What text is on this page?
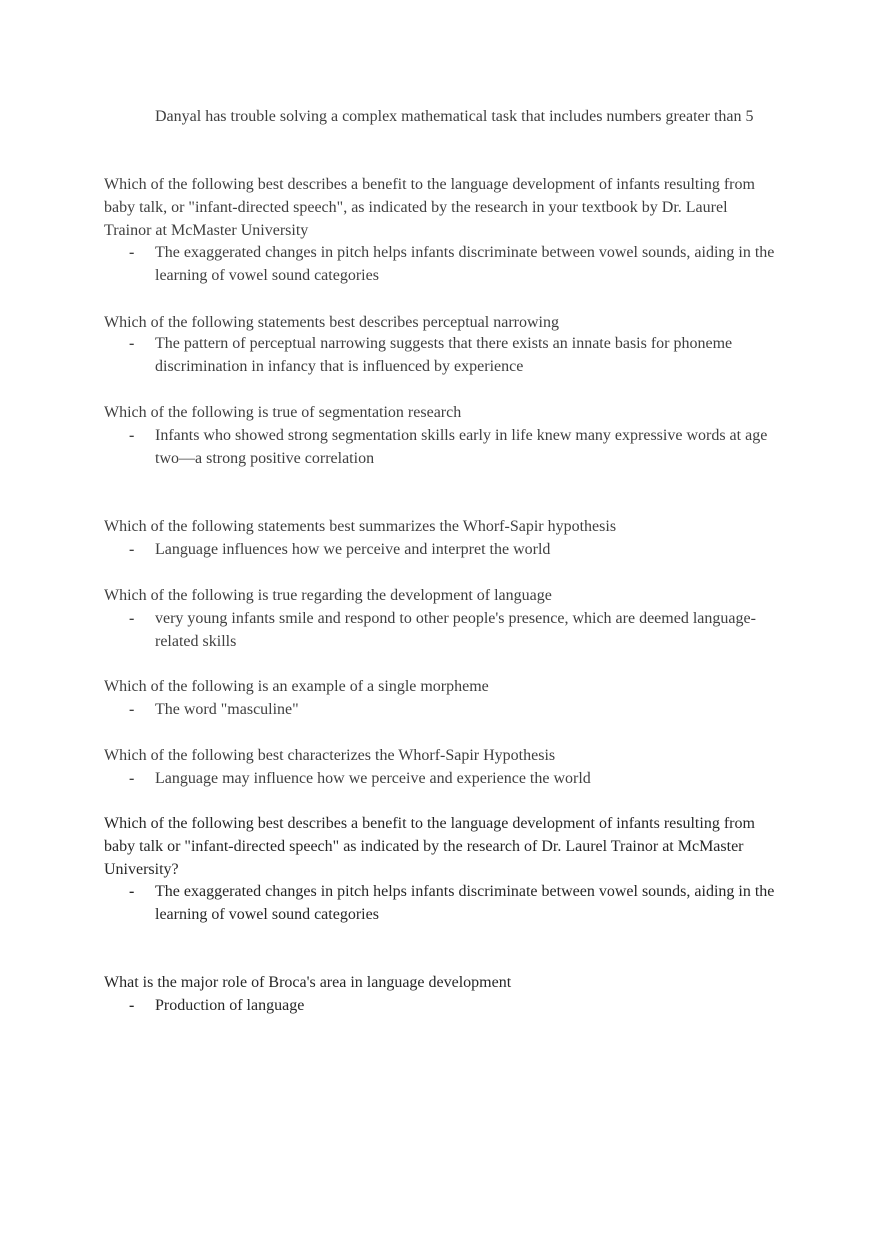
Danyal has trouble solving a complex mathematical task that includes numbers greater than 5
Which of the following best describes a benefit to the language development of infants resulting from baby talk, or "infant-directed speech", as indicated by the research in your textbook by Dr. Laurel Trainor at McMaster University
- The exaggerated changes in pitch helps infants discriminate between vowel sounds, aiding in the learning of vowel sound categories
Which of the following statements best describes perceptual narrowing
- The pattern of perceptual narrowing suggests that there exists an innate basis for phoneme discrimination in infancy that is influenced by experience
Which of the following is true of segmentation research
- Infants who showed strong segmentation skills early in life knew many expressive words at age two—a strong positive correlation
Which of the following statements best summarizes the Whorf-Sapir hypothesis
- Language influences how we perceive and interpret the world
Which of the following is true regarding the development of language
- very young infants smile and respond to other people's presence, which are deemed language-related skills
Which of the following is an example of a single morpheme
- The word "masculine"
Which of the following best characterizes the Whorf-Sapir Hypothesis
- Language may influence how we perceive and experience the world
Which of the following best describes a benefit to the language development of infants resulting from baby talk or "infant-directed speech" as indicated by the research of Dr. Laurel Trainor at McMaster University?
- The exaggerated changes in pitch helps infants discriminate between vowel sounds, aiding in the learning of vowel sound categories
What is the major role of Broca's area in language development
- Production of language
